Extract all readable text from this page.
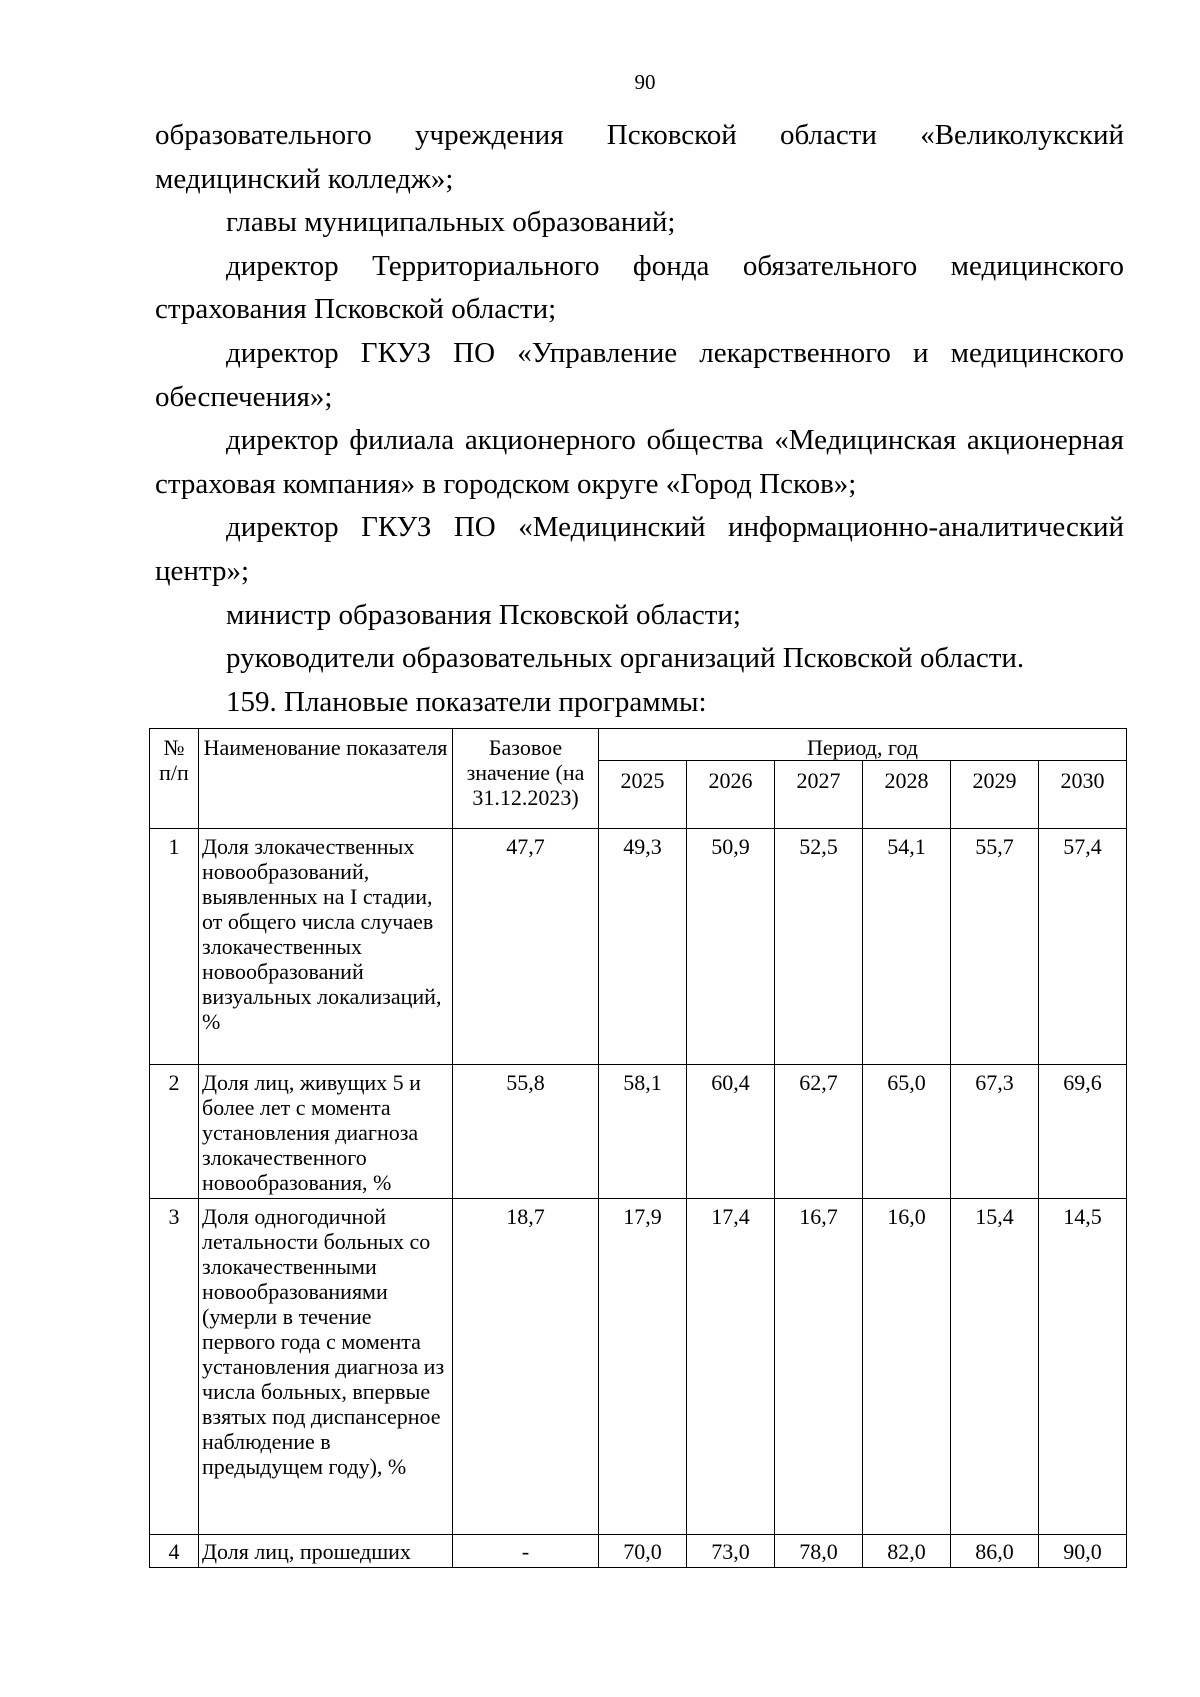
90

образовательного учреждения Псковской области «Великолукский медицинский колледж»;

главы муниципальных образований;

директор Территориального фонда обязательного медицинского страхования Псковской области;

директор ГКУЗ ПО «Управление лекарственного и медицинского обеспечения»;

директор филиала акционерного общества «Медицинская акционерная страховая компания» в городском округе «Город Псков»;

директор ГКУЗ ПО «Медицинский информационно-аналитический центр»;

министр образования Псковской области;

руководители образовательных организаций Псковской области.

159. Плановые показатели программы:

№ п/п	Наименование показателя	Базовое значение (на 31.12.2023)	Период, год					
			2025	2026	2027	2028	2029	2030
1	Доля злокачественных новообразований, выявленных на I стадии, от общего числа случаев злокачественных новообразований визуальных локализаций, %	47,7	49,3	50,9	52,5	54,1	55,7	57,4
2	Доля лиц, живущих 5 и более лет с момента установления диагноза злокачественного новообразования, %	55,8	58,1	60,4	62,7	65,0	67,3	69,6
3	Доля одногодичной летальности больных со злокачественными новообразованиями (умерли в течение первого года с момента установления диагноза из числа больных, впервые взятых под диспансерное наблюдение в предыдущем году), %	18,7	17,9	17,4	16,7	16,0	15,4	14,5
4	Доля лиц, прошедших	-	70,0	73,0	78,0	82,0	86,0	90,0
